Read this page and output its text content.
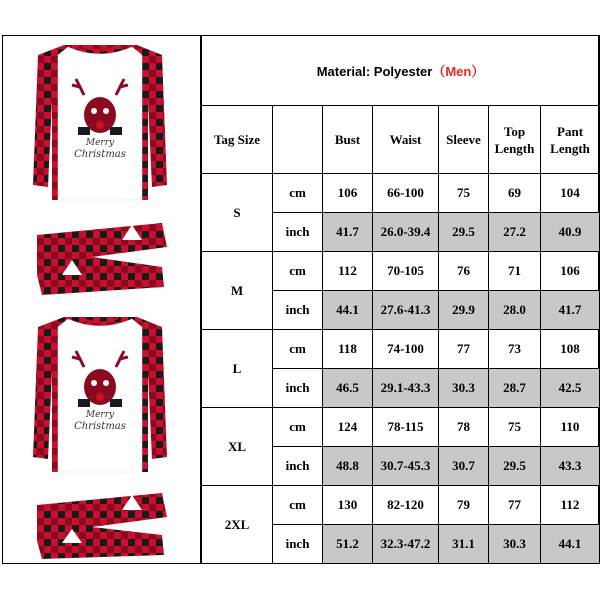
Merry
Christmas
Merry
Christmas
Material: Polyester（Men）						
Tag Size		Bust	Waist	Sleeve	Top Length	Pant Length
S	cm	106	66-100	75	69	104
	inch	41.7	26.0-39.4	29.5	27.2	40.9
M	cm	112	70-105	76	71	106
	inch	44.1	27.6-41.3	29.9	28.0	41.7
L	cm	118	74-100	77	73	108
	inch	46.5	29.1-43.3	30.3	28.7	42.5
XL	cm	124	78-115	78	75	110
	inch	48.8	30.7-45.3	30.7	29.5	43.3
2XL	cm	130	82-120	79	77	112
	inch	51.2	32.3-47.2	31.1	30.3	44.1
